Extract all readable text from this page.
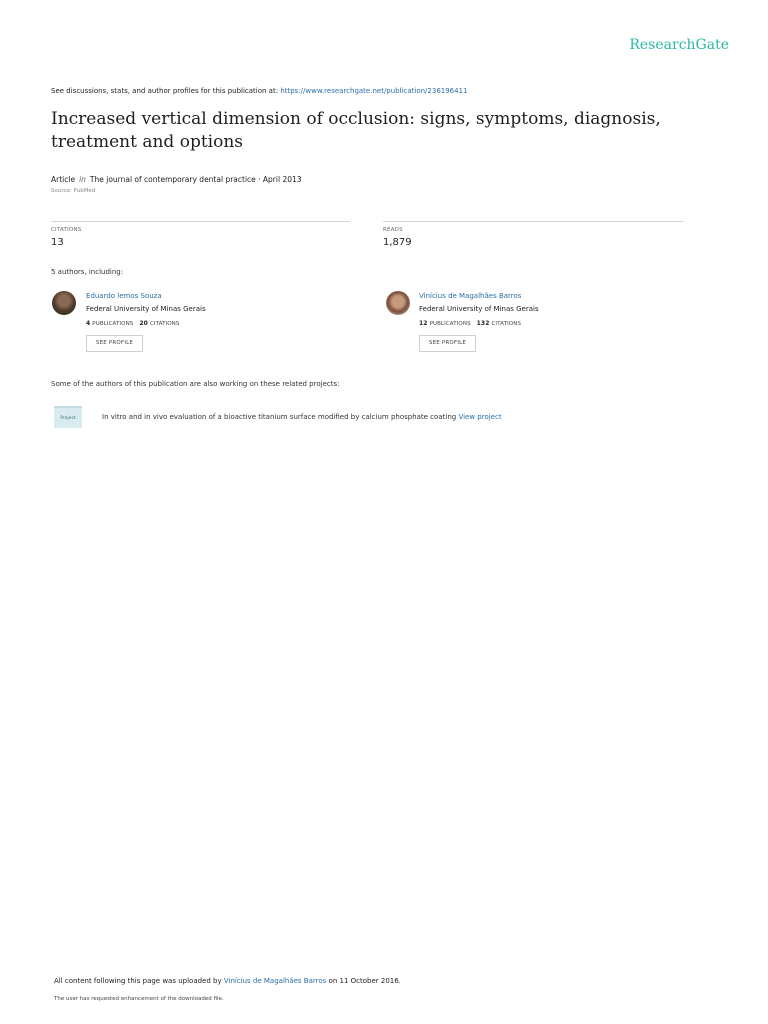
ResearchGate
See discussions, stats, and author profiles for this publication at: https://www.researchgate.net/publication/236196411
Increased vertical dimension of occlusion: signs, symptoms, diagnosis, treatment and options
Article in The journal of contemporary dental practice · April 2013
Source: PubMed
CITATIONS
13
READS
1,879
5 authors, including:
Eduardo lemos Souza
Federal University of Minas Gerais
4 PUBLICATIONS 20 CITATIONS
SEE PROFILE
Vinícius de Magalhães Barros
Federal University of Minas Gerais
12 PUBLICATIONS 132 CITATIONS
SEE PROFILE
Some of the authors of this publication are also working on these related projects:
Project	In vitro and in vivo evaluation of a bioactive titanium surface modified by calcium phosphate coating View project
All content following this page was uploaded by Vinícius de Magalhães Barros on 11 October 2016.
The user has requested enhancement of the downloaded file.
